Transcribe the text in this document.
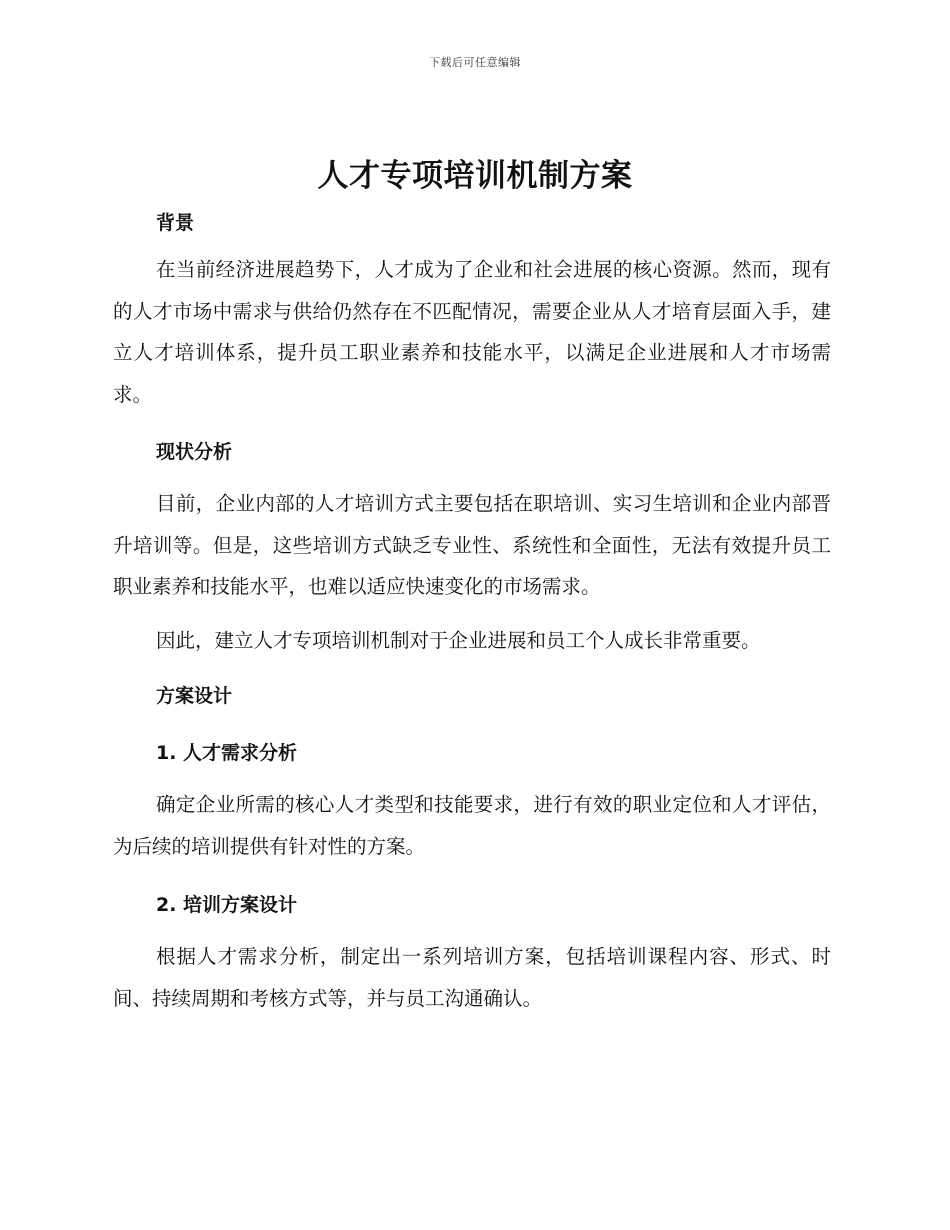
下载后可任意编辑
人才专项培训机制方案
背景

在当前经济进展趋势下，人才成为了企业和社会进展的核心资源。然而，现有的人才市场中需求与供给仍然存在不匹配情况，需要企业从人才培育层面入手，建立人才培训体系，提升员工职业素养和技能水平，以满足企业进展和人才市场需求。

现状分析

目前，企业内部的人才培训方式主要包括在职培训、实习生培训和企业内部晋升培训等。但是，这些培训方式缺乏专业性、系统性和全面性，无法有效提升员工职业素养和技能水平，也难以适应快速变化的市场需求。

因此，建立人才专项培训机制对于企业进展和员工个人成长非常重要。

方案设计
1. 人才需求分析

确定企业所需的核心人才类型和技能要求，进行有效的职业定位和人才评估，为后续的培训提供有针对性的方案。

2. 培训方案设计

根据人才需求分析，制定出一系列培训方案，包括培训课程内容、形式、时间、持续周期和考核方式等，并与员工沟通确认。
